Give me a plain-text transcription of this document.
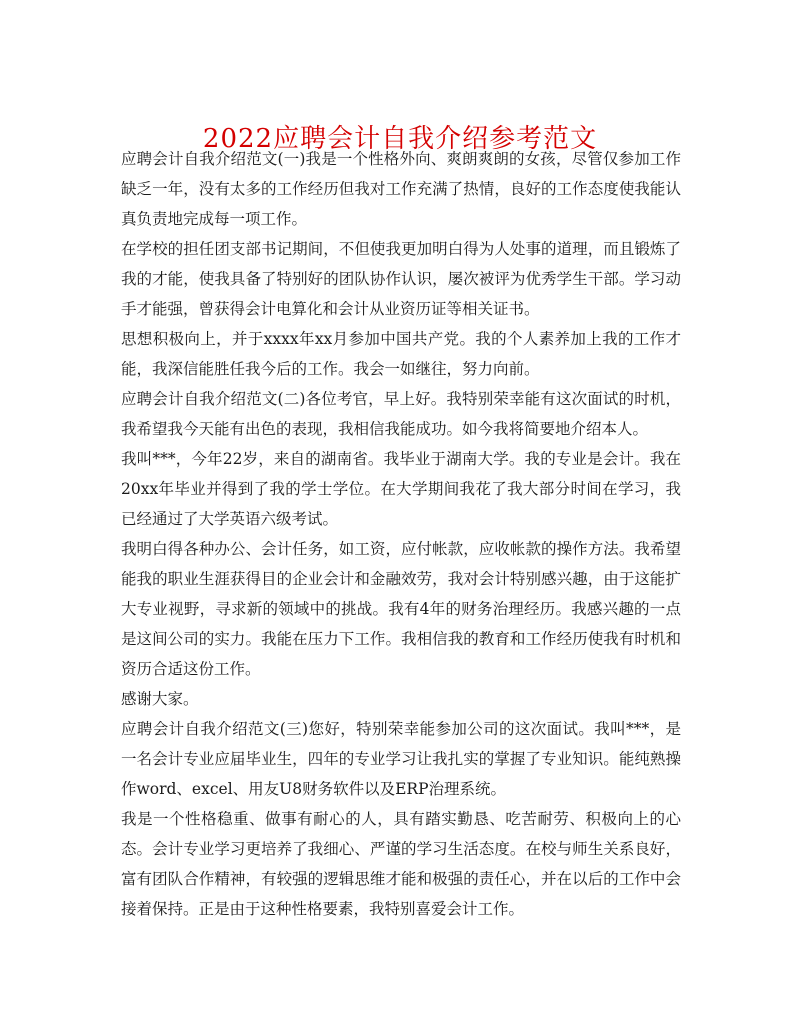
2022应聘会计自我介绍参考范文

应聘会计自我介绍范文(一)我是一个性格外向、爽朗爽朗的女孩，尽管仅参加工作缺乏一年，没有太多的工作经历但我对工作充满了热情，良好的工作态度使我能认真负责地完成每一项工作。

在学校的担任团支部书记期间，不但使我更加明白得为人处事的道理，而且锻炼了我的才能，使我具备了特别好的团队协作认识，屡次被评为优秀学生干部。学习动手才能强，曾获得会计电算化和会计从业资历证等相关证书。

思想积极向上，并于xxxx年xx月参加中国共产党。我的个人素养加上我的工作才能，我深信能胜任我今后的工作。我会一如继往，努力向前。

应聘会计自我介绍范文(二)各位考官，早上好。我特别荣幸能有这次面试的时机，我希望我今天能有出色的表现，我相信我能成功。如今我将简要地介绍本人。

我叫***，今年22岁，来自的湖南省。我毕业于湖南大学。我的专业是会计。我在20xx年毕业并得到了我的学士学位。在大学期间我花了我大部分时间在学习，我已经通过了大学英语六级考试。

我明白得各种办公、会计任务，如工资，应付帐款，应收帐款的操作方法。我希望能我的职业生涯获得目的企业会计和金融效劳，我对会计特别感兴趣，由于这能扩大专业视野，寻求新的领域中的挑战。我有4年的财务治理经历。我感兴趣的一点是这间公司的实力。我能在压力下工作。我相信我的教育和工作经历使我有时机和资历合适这份工作。

感谢大家。

应聘会计自我介绍范文(三)您好，特别荣幸能参加公司的这次面试。我叫***，是一名会计专业应届毕业生，四年的专业学习让我扎实的掌握了专业知识。能纯熟操作word、excel、用友U8财务软件以及ERP治理系统。

我是一个性格稳重、做事有耐心的人，具有踏实勤恳、吃苦耐劳、积极向上的心态。会计专业学习更培养了我细心、严谨的学习生活态度。在校与师生关系良好，富有团队合作精神，有较强的逻辑思维才能和极强的责任心，并在以后的工作中会接着保持。正是由于这种性格要素，我特别喜爱会计工作。
